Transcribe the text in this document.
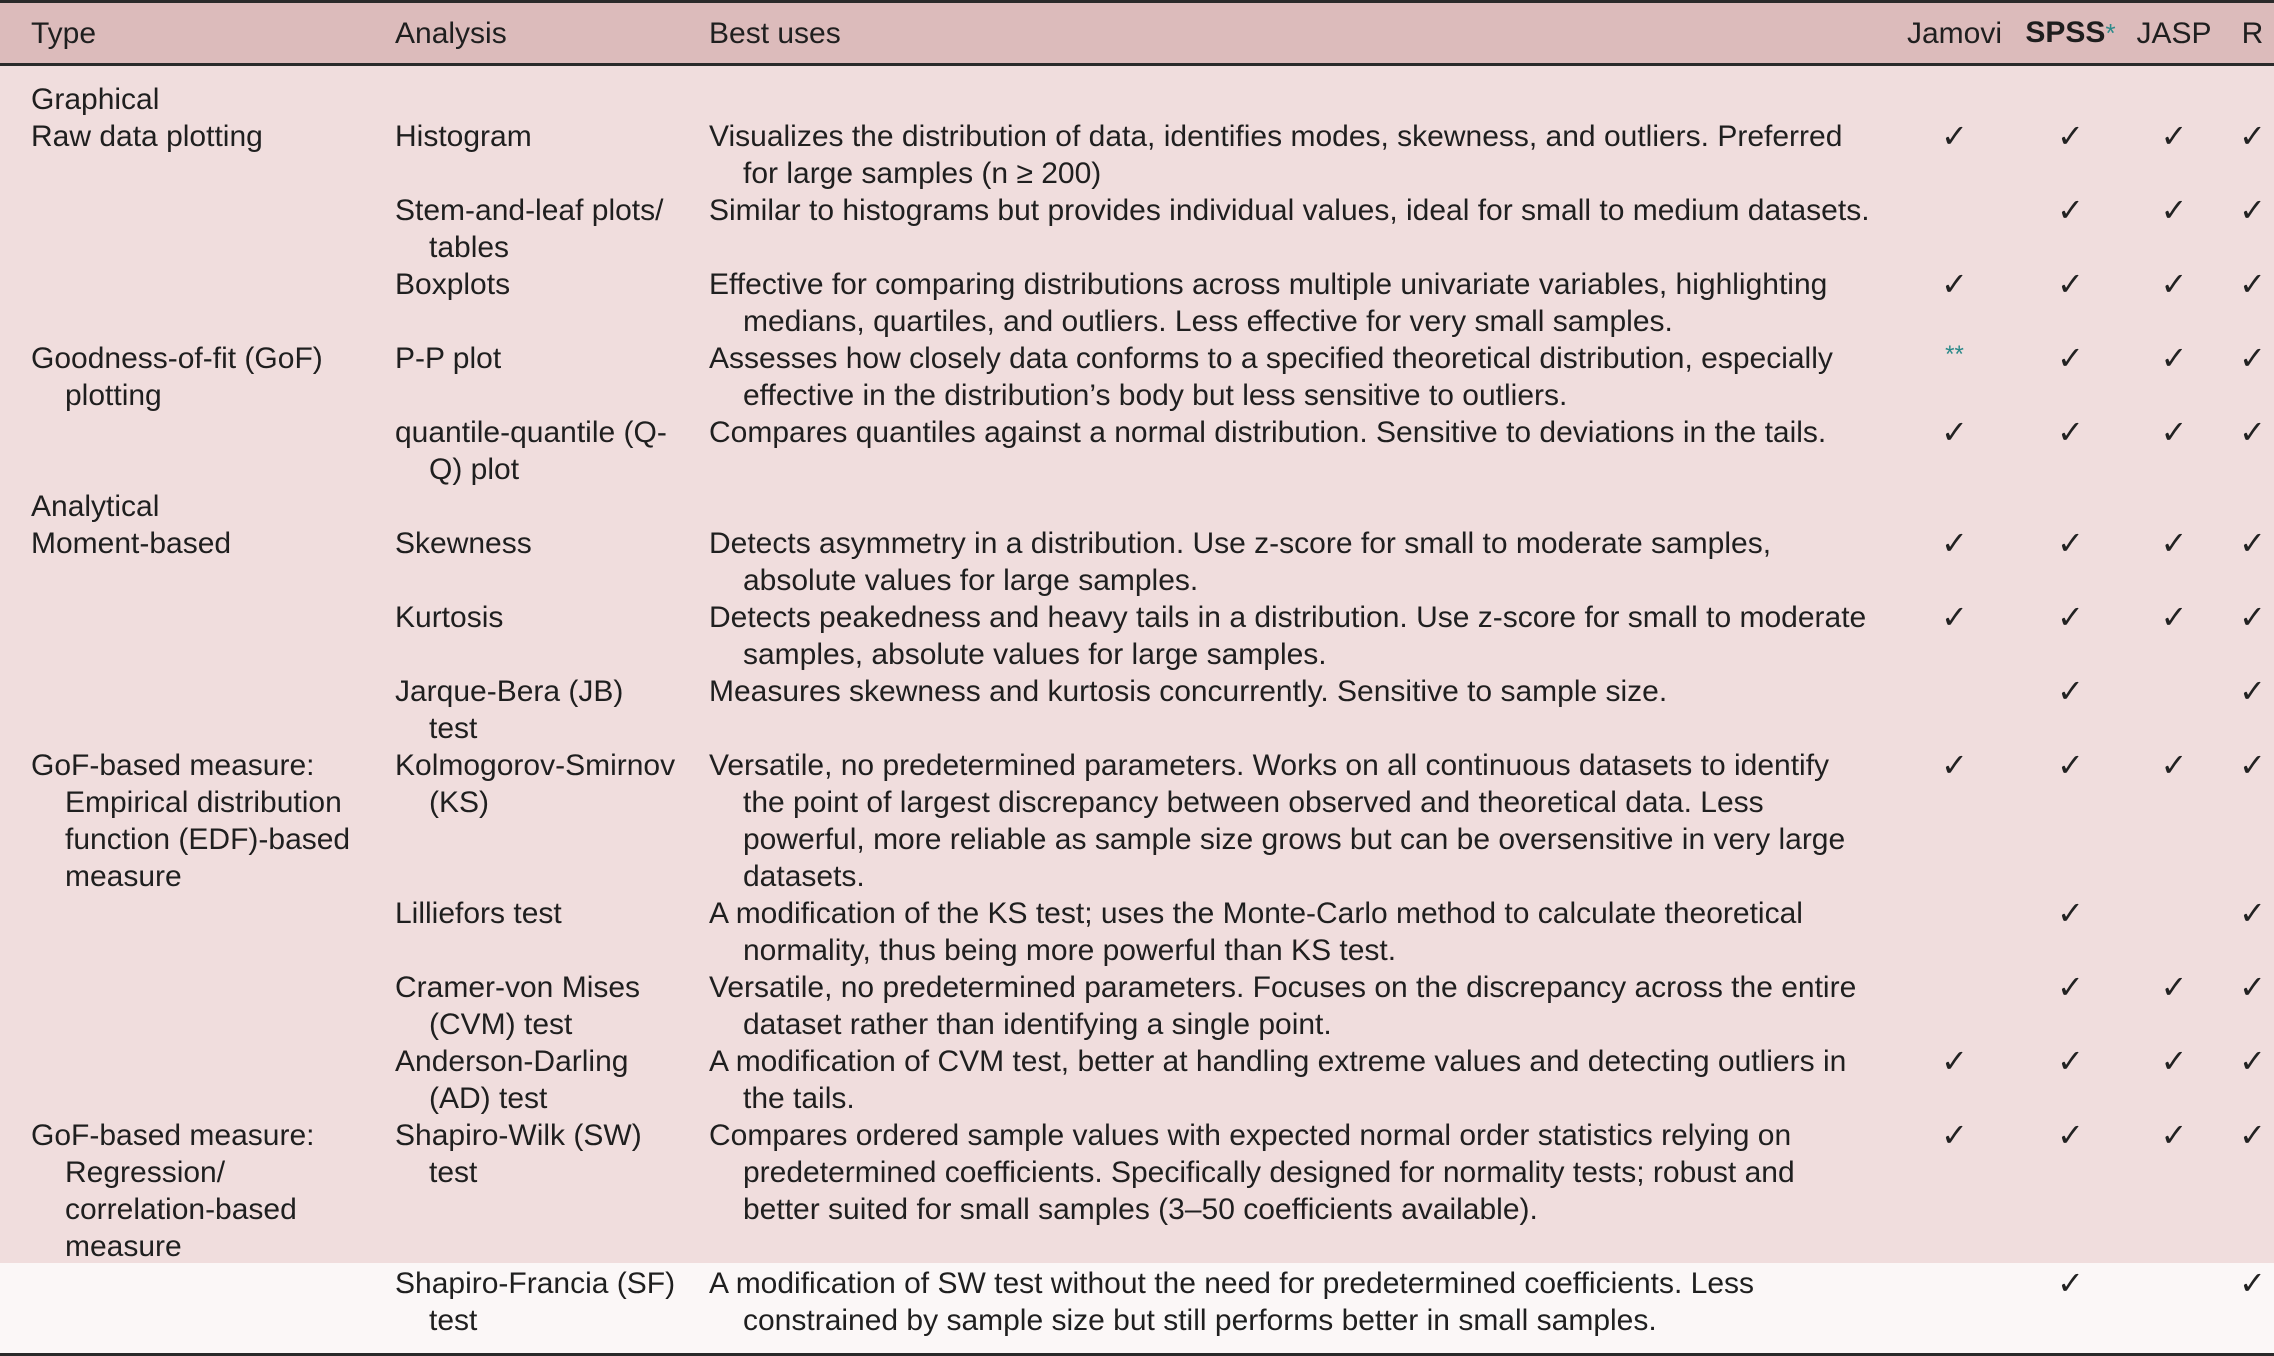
Type	Analysis	Best uses	Jamovi	SPSS*	JASP	R

Graphical						

Raw data plotting	Histogram	Visualizes the distribution of data, identifies modes, skewness, and outliers. Preferred for large samples (n ≥ 200)	✓	✓	✓	✓

	Stem-and-leaf plots/ tables	Similar to histograms but provides individual values, ideal for small to medium datasets.		✓	✓	✓

	Boxplots	Effective for comparing distributions across multiple univariate variables, highlighting medians, quartiles, and outliers. Less effective for very small samples.	✓	✓	✓	✓

Goodness-of-fit (GoF) plotting	P-P plot	Assesses how closely data conforms to a specified theoretical distribution, especially effective in the distribution’s body but less sensitive to outliers.	**	✓	✓	✓

	quantile-quantile (Q-Q) plot	Compares quantiles against a normal distribution. Sensitive to deviations in the tails.	✓	✓	✓	✓

Analytical						

Moment-based	Skewness	Detects asymmetry in a distribution. Use z-score for small to moderate samples, absolute values for large samples.	✓	✓	✓	✓

	Kurtosis	Detects peakedness and heavy tails in a distribution. Use z-score for small to moderate samples, absolute values for large samples.	✓	✓	✓	✓

	Jarque-Bera (JB) test	Measures skewness and kurtosis concurrently. Sensitive to sample size.		✓		✓

GoF-based measure: Empirical distribution function (EDF)-based measure	Kolmogorov-Smirnov (KS)	Versatile, no predetermined parameters. Works on all continuous datasets to identify the point of largest discrepancy between observed and theoretical data. Less powerful, more reliable as sample size grows but can be oversensitive in very large datasets.	✓	✓	✓	✓

	Lilliefors test	A modification of the KS test; uses the Monte-Carlo method to calculate theoretical normality, thus being more powerful than KS test.		✓		✓

	Cramer-von Mises (CVM) test	Versatile, no predetermined parameters. Focuses on the discrepancy across the entire dataset rather than identifying a single point.		✓	✓	✓

	Anderson-Darling (AD) test	A modification of CVM test, better at handling extreme values and detecting outliers in the tails.	✓	✓	✓	✓

GoF-based measure: Regression/ correlation-based measure	Shapiro-Wilk (SW) test	Compares ordered sample values with expected normal order statistics relying on predetermined coefficients. Specifically designed for normality tests; robust and better suited for small samples (3–50 coefficients available).	✓	✓	✓	✓

	Shapiro-Francia (SF) test	A modification of SW test without the need for predetermined coefficients. Less constrained by sample size but still performs better in small samples.		✓		✓
